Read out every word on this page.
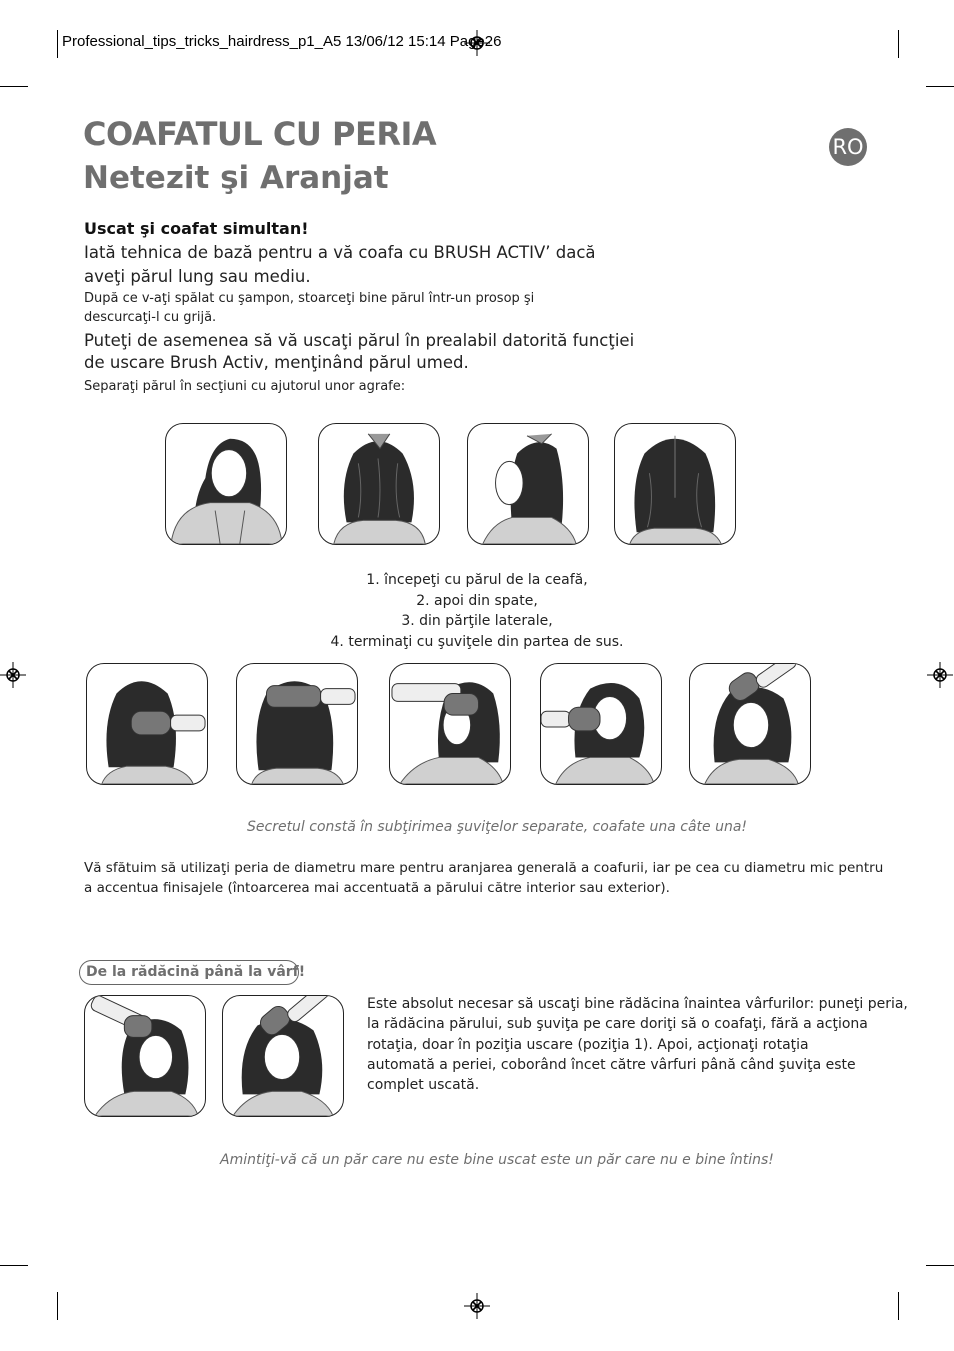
Professional_tips_tricks_hairdress_p1_A5 13/06/12 15:14 Page26
COAFATUL CU PERIA
Netezit şi Aranjat
RO
Uscat şi coafat simultan!
Iată tehnica de bază pentru a vă coafa cu BRUSH ACTIV’ dacă
aveţi părul lung sau mediu.
După ce v-aţi spălat cu şampon, stoarceţi bine părul într-un prosop şi
descurcaţi-l cu grijă.
Puteţi de asemenea să vă uscaţi părul în prealabil datorită funcţiei
de uscare Brush Activ, menţinând părul umed.
Separaţi părul în secţiuni cu ajutorul unor agrafe:
1. începeţi cu părul de la ceafă,
2. apoi din spate,
3. din părţile laterale,
4. terminaţi cu şuviţele din partea de sus.
Secretul constă în subţirimea şuviţelor separate, coafate una câte una!
Vă sfătuim să utilizaţi peria de diametru mare pentru aranjarea generală a coafurii, iar pe cea cu diametru mic pentru
a accentua finisajele (întoarcerea mai accentuată a părului către interior sau exterior).
De la rădăcină până la vârf!
Este absolut necesar să uscaţi bine rădăcina înaintea vârfurilor: puneţi peria,
la rădăcina părului, sub şuviţa pe care doriţi să o coafaţi, fără a acţiona
rotaţia, doar în poziţia uscare (poziţia 1). Apoi, acţionaţi rotaţia
automată a periei, coborând încet către vârfuri până când şuviţa este
complet uscată.
Amintiţi-vă că un păr care nu este bine uscat este un păr care nu e bine întins!
